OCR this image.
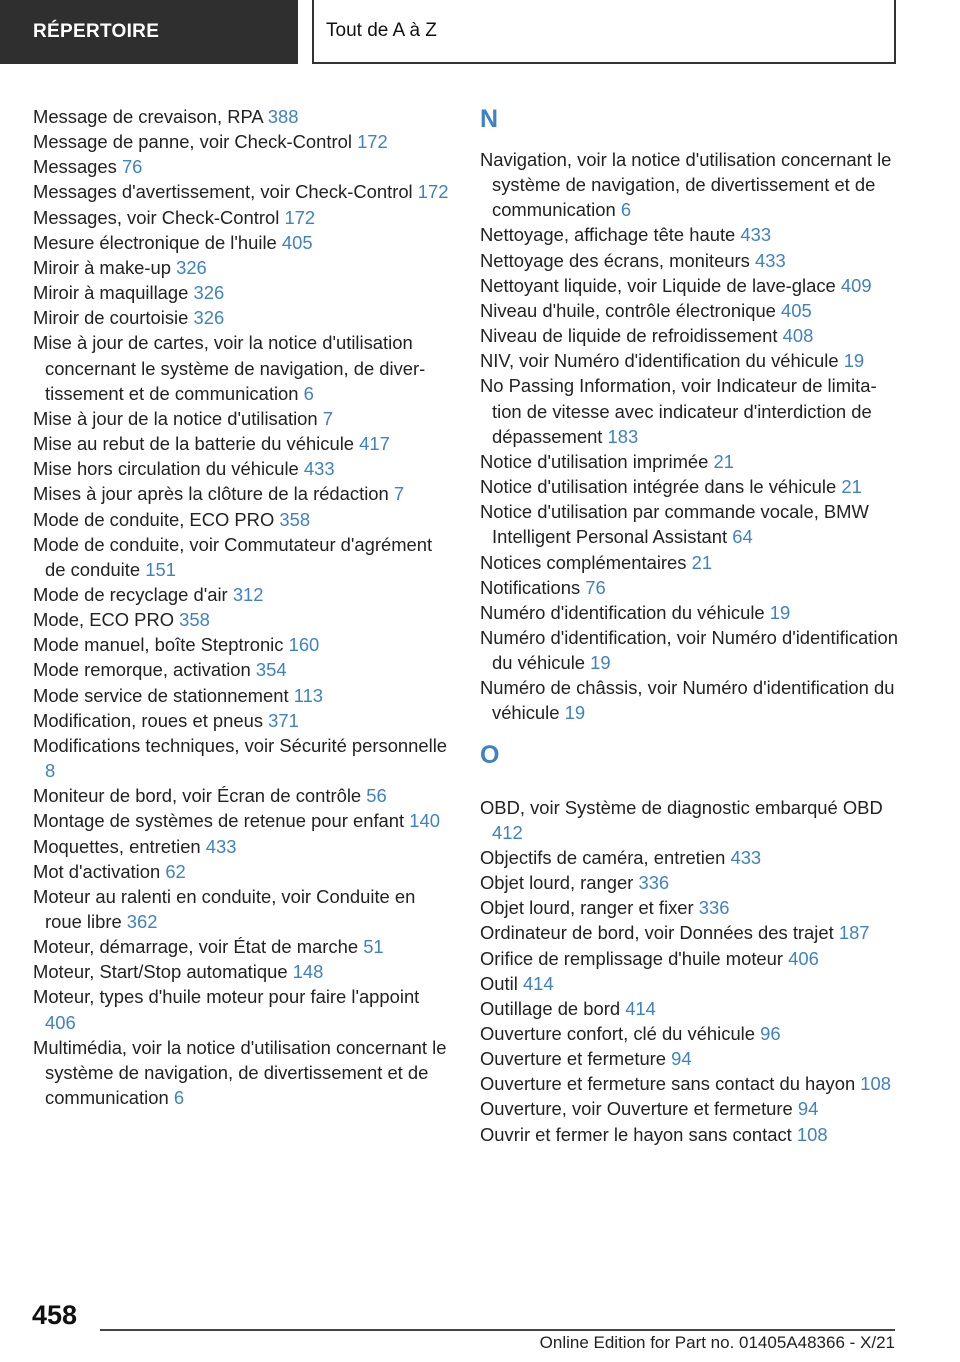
RÉPERTOIRE	Tout de A à Z
Message de crevaison, RPA 388
Message de panne, voir Check-Control 172
Messages 76
Messages d'avertissement, voir Check-Control 172
Messages, voir Check-Control 172
Mesure électronique de l'huile 405
Miroir à make-up 326
Miroir à maquillage 326
Miroir de courtoisie 326
Mise à jour de cartes, voir la notice d'utilisation concernant le système de navigation, de divertissement et de communication 6
Mise à jour de la notice d'utilisation 7
Mise au rebut de la batterie du véhicule 417
Mise hors circulation du véhicule 433
Mises à jour après la clôture de la rédaction 7
Mode de conduite, ECO PRO 358
Mode de conduite, voir Commutateur d'agrément de conduite 151
Mode de recyclage d'air 312
Mode, ECO PRO 358
Mode manuel, boîte Steptronic 160
Mode remorque, activation 354
Mode service de stationnement 113
Modification, roues et pneus 371
Modifications techniques, voir Sécurité personnelle 8
Moniteur de bord, voir Écran de contrôle 56
Montage de systèmes de retenue pour enfant 140
Moquettes, entretien 433
Mot d'activation 62
Moteur au ralenti en conduite, voir Conduite en roue libre 362
Moteur, démarrage, voir État de marche 51
Moteur, Start/Stop automatique 148
Moteur, types d'huile moteur pour faire l'appoint 406
Multimédia, voir la notice d'utilisation concernant le système de navigation, de divertissement et de communication 6
N
Navigation, voir la notice d'utilisation concernant le système de navigation, de divertissement et de communication 6
Nettoyage, affichage tête haute 433
Nettoyage des écrans, moniteurs 433
Nettoyant liquide, voir Liquide de lave-glace 409
Niveau d'huile, contrôle électronique 405
Niveau de liquide de refroidissement 408
NIV, voir Numéro d'identification du véhicule 19
No Passing Information, voir Indicateur de limitation de vitesse avec indicateur d'interdiction de dépassement 183
Notice d'utilisation imprimée 21
Notice d'utilisation intégrée dans le véhicule 21
Notice d'utilisation par commande vocale, BMW Intelligent Personal Assistant 64
Notices complémentaires 21
Notifications 76
Numéro d'identification du véhicule 19
Numéro d'identification, voir Numéro d'identification du véhicule 19
Numéro de châssis, voir Numéro d'identification du véhicule 19
O
OBD, voir Système de diagnostic embarqué OBD 412
Objectifs de caméra, entretien 433
Objet lourd, ranger 336
Objet lourd, ranger et fixer 336
Ordinateur de bord, voir Données des trajet 187
Orifice de remplissage d'huile moteur 406
Outil 414
Outillage de bord 414
Ouverture confort, clé du véhicule 96
Ouverture et fermeture 94
Ouverture et fermeture sans contact du hayon 108
Ouverture, voir Ouverture et fermeture 94
Ouvrir et fermer le hayon sans contact 108
458
Online Edition for Part no. 01405A48366 - X/21
